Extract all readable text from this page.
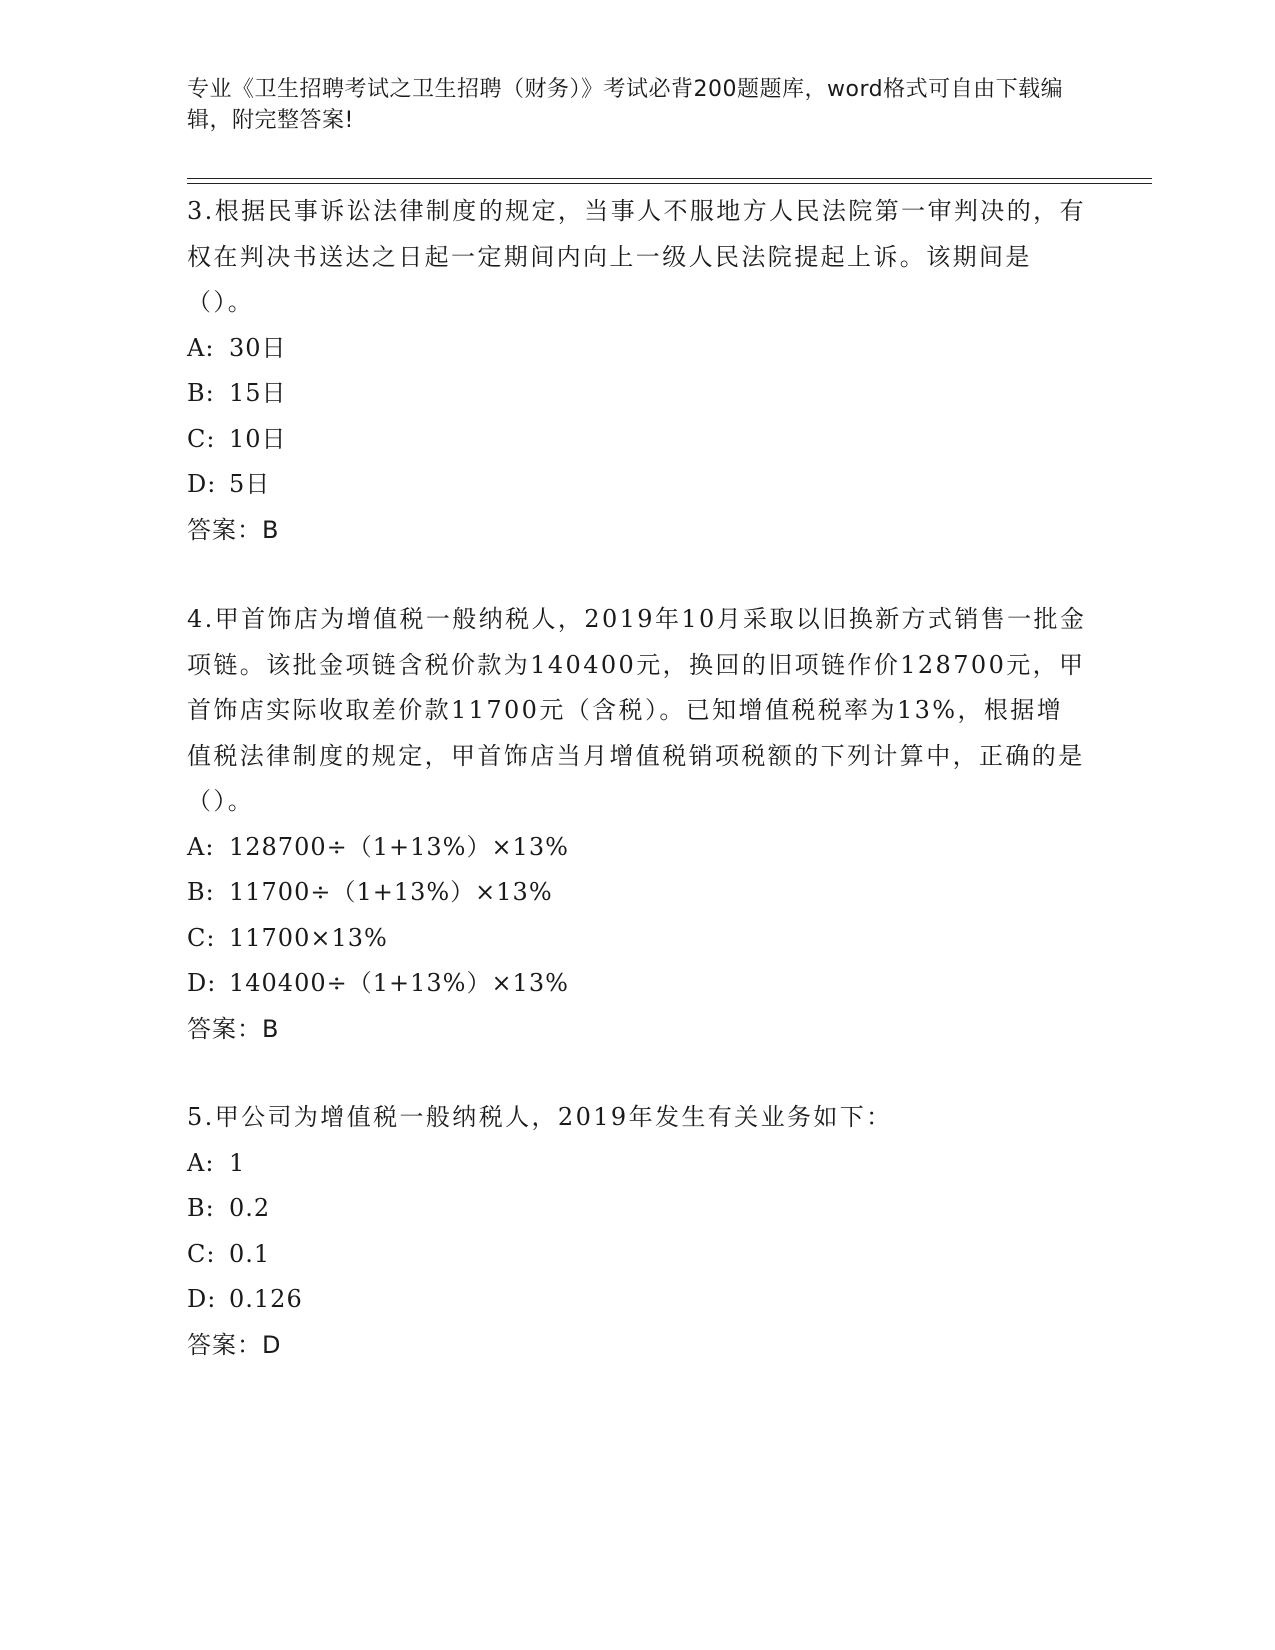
专业《卫生招聘考试之卫生招聘（财务）》考试必背200题题库，word格式可自由下载编辑，附完整答案!

3.根据民事诉讼法律制度的规定，当事人不服地方人民法院第一审判决的，有权在判决书送达之日起一定期间内向上一级人民法院提起上诉。该期间是（）。

A: 30日

B: 15日

C: 10日

D: 5日

答案：B

4.甲首饰店为增值税一般纳税人，2019年10月采取以旧换新方式销售一批金项链。该批金项链含税价款为140400元，换回的旧项链作价128700元，甲首饰店实际收取差价款11700元（含税）。已知增值税税率为13%，根据增值税法律制度的规定，甲首饰店当月增值税销项税额的下列计算中，正确的是（）。

A: 128700÷（1+13%）×13%

B: 11700÷（1+13%）×13%

C: 11700×13%

D: 140400÷（1+13%）×13%

答案：B

5.甲公司为增值税一般纳税人，2019年发生有关业务如下：

A: 1

B: 0.2

C: 0.1

D: 0.126

答案：D
